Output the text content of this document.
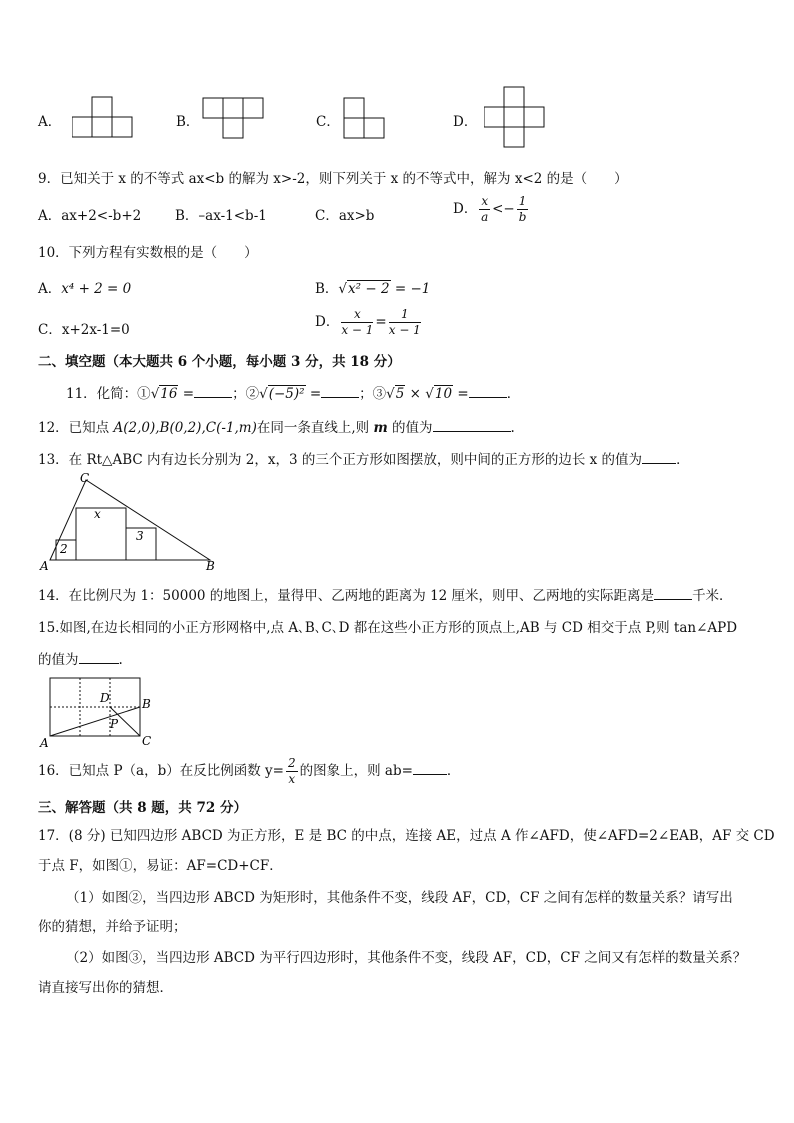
A．	B．	C．	D．
9．已知关于 x 的不等式 ax<b 的解为 x>-2，则下列关于 x 的不等式中，解为 x<2 的是（　　）
A．ax+2<-b+2	B．–ax-1<b-1	C．ax>b	D． $\frac{x}{a} <- \frac{1}{b}$
10．下列方程有实数根的是（　　）
A．x⁴ + 2 = 0	B．√x² − 2 = −1
C．x+2x-1=0	D． $\frac{x}{x - 1} = \frac{1}{x - 1}$
二、填空题（本大题共 6 个小题，每小题 3 分，共 18 分）
11．化简：①√16 =	；②√(−5)² =	；③√5 × √10 =	．
12．已知点 A(2,0),B(0,2),C(-1,m)在同一条直线上,则 m 的值为	.
13．在 Rt△ABC 内有边长分别为 2，x，3 的三个正方形如图摆放，则中间的正方形的边长 x 的值为	．
A	B
C
x
2
3
14．在比例尺为 1：50000 的地图上，量得甲、乙两地的距离为 12 厘米，则甲、乙两地的实际距离是	千米．
15.如图,在边长相同的小正方形网格中,点 A､B､C､D 都在这些小正方形的顶点上,AB 与 CD 相交于点 P,则 tan∠APD
的值为	.
A
B
C
D
P
16．已知点 P（a，b）在反比例函数 $y= \frac{2}{x}$ 的图象上，则 ab=	．
三、解答题（共 8 题，共 72 分）
17．(8 分) 已知四边形 ABCD 为正方形，E 是 BC 的中点，连接 AE，过点 A 作∠AFD，使∠AFD=2∠EAB，AF 交 CD
于点 F，如图①，易证：AF=CD+CF．
（1）如图②，当四边形 ABCD 为矩形时，其他条件不变，线段 AF，CD，CF 之间有怎样的数量关系？请写出
你的猜想，并给予证明；
（2）如图③，当四边形 ABCD 为平行四边形时，其他条件不变，线段 AF，CD，CF 之间又有怎样的数量关系？
请直接写出你的猜想．
